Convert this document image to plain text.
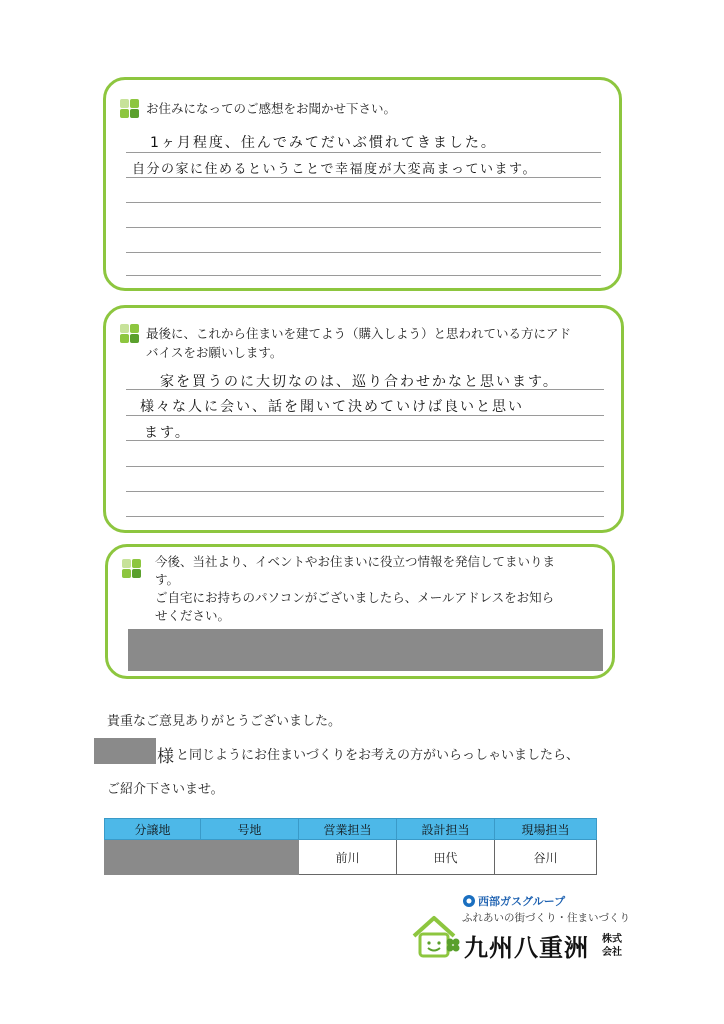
お住みになってのご感想をお聞かせ下さい。
1ヶ月程度、住んでみてだいぶ慣れてきました。
自分の家に住めるということで幸福度が大変高まっています。
最後に、これから住まいを建てよう（購入しよう）と思われている方にアド
バイスをお願いします。
家を買うのに大切なのは、巡り合わせかなと思います。
様々な人に会い、話を聞いて決めていけば良いと思い
ます。
今後、当社より、イベントやお住まいに役立つ情報を発信してまいりま
す。
ご自宅にお持ちのパソコンがございましたら、メールアドレスをお知ら
せください。
貴重なご意見ありがとうございました。
様 と同じようにお住まいづくりをお考えの方がいらっしゃいましたら、
ご紹介下さいませ。
分譲地	号地	営業担当	設計担当	現場担当
		前川	田代	谷川
西部ガスグループ
ふれあいの街づくり・住まいづくり
九州八重洲 株式
会社
